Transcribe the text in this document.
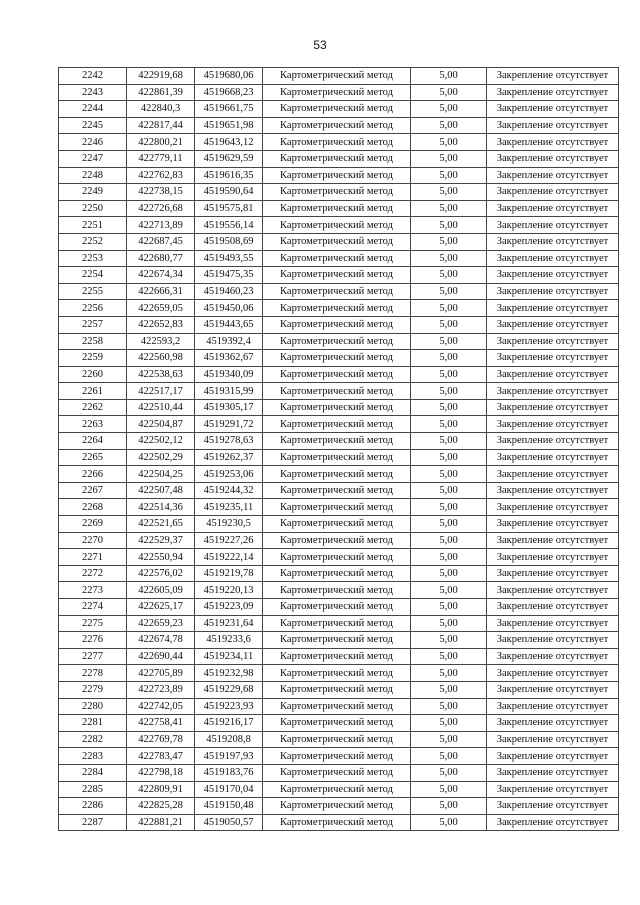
53
2242	422919,68	4519680,06	Картометрический метод	5,00	Закрепление отсутствует
2243	422861,39	4519668,23	Картометрический метод	5,00	Закрепление отсутствует
2244	422840,3	4519661,75	Картометрический метод	5,00	Закрепление отсутствует
2245	422817,44	4519651,98	Картометрический метод	5,00	Закрепление отсутствует
2246	422800,21	4519643,12	Картометрический метод	5,00	Закрепление отсутствует
2247	422779,11	4519629,59	Картометрический метод	5,00	Закрепление отсутствует
2248	422762,83	4519616,35	Картометрический метод	5,00	Закрепление отсутствует
2249	422738,15	4519590,64	Картометрический метод	5,00	Закрепление отсутствует
2250	422726,68	4519575,81	Картометрический метод	5,00	Закрепление отсутствует
2251	422713,89	4519556,14	Картометрический метод	5,00	Закрепление отсутствует
2252	422687,45	4519508,69	Картометрический метод	5,00	Закрепление отсутствует
2253	422680,77	4519493,55	Картометрический метод	5,00	Закрепление отсутствует
2254	422674,34	4519475,35	Картометрический метод	5,00	Закрепление отсутствует
2255	422666,31	4519460,23	Картометрический метод	5,00	Закрепление отсутствует
2256	422659,05	4519450,06	Картометрический метод	5,00	Закрепление отсутствует
2257	422652,83	4519443,65	Картометрический метод	5,00	Закрепление отсутствует
2258	422593,2	4519392,4	Картометрический метод	5,00	Закрепление отсутствует
2259	422560,98	4519362,67	Картометрический метод	5,00	Закрепление отсутствует
2260	422538,63	4519340,09	Картометрический метод	5,00	Закрепление отсутствует
2261	422517,17	4519315,99	Картометрический метод	5,00	Закрепление отсутствует
2262	422510,44	4519305,17	Картометрический метод	5,00	Закрепление отсутствует
2263	422504,87	4519291,72	Картометрический метод	5,00	Закрепление отсутствует
2264	422502,12	4519278,63	Картометрический метод	5,00	Закрепление отсутствует
2265	422502,29	4519262,37	Картометрический метод	5,00	Закрепление отсутствует
2266	422504,25	4519253,06	Картометрический метод	5,00	Закрепление отсутствует
2267	422507,48	4519244,32	Картометрический метод	5,00	Закрепление отсутствует
2268	422514,36	4519235,11	Картометрический метод	5,00	Закрепление отсутствует
2269	422521,65	4519230,5	Картометрический метод	5,00	Закрепление отсутствует
2270	422529,37	4519227,26	Картометрический метод	5,00	Закрепление отсутствует
2271	422550,94	4519222,14	Картометрический метод	5,00	Закрепление отсутствует
2272	422576,02	4519219,78	Картометрический метод	5,00	Закрепление отсутствует
2273	422605,09	4519220,13	Картометрический метод	5,00	Закрепление отсутствует
2274	422625,17	4519223,09	Картометрический метод	5,00	Закрепление отсутствует
2275	422659,23	4519231,64	Картометрический метод	5,00	Закрепление отсутствует
2276	422674,78	4519233,6	Картометрический метод	5,00	Закрепление отсутствует
2277	422690,44	4519234,11	Картометрический метод	5,00	Закрепление отсутствует
2278	422705,89	4519232,98	Картометрический метод	5,00	Закрепление отсутствует
2279	422723,89	4519229,68	Картометрический метод	5,00	Закрепление отсутствует
2280	422742,05	4519223,93	Картометрический метод	5,00	Закрепление отсутствует
2281	422758,41	4519216,17	Картометрический метод	5,00	Закрепление отсутствует
2282	422769,78	4519208,8	Картометрический метод	5,00	Закрепление отсутствует
2283	422783,47	4519197,93	Картометрический метод	5,00	Закрепление отсутствует
2284	422798,18	4519183,76	Картометрический метод	5,00	Закрепление отсутствует
2285	422809,91	4519170,04	Картометрический метод	5,00	Закрепление отсутствует
2286	422825,28	4519150,48	Картометрический метод	5,00	Закрепление отсутствует
2287	422881,21	4519050,57	Картометрический метод	5,00	Закрепление отсутствует
